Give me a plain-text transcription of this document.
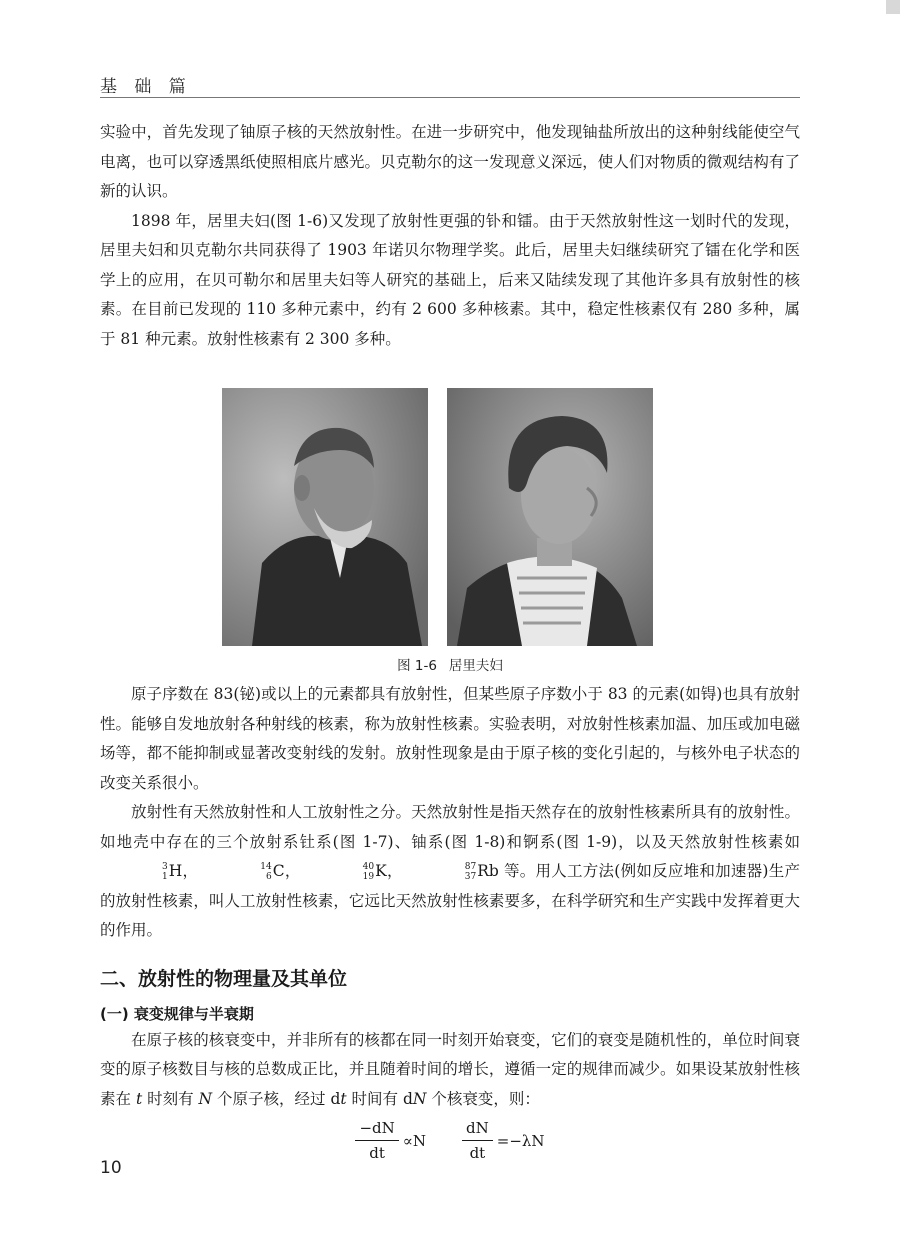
基 础 篇

实验中，首先发现了铀原子核的天然放射性。在进一步研究中，他发现铀盐所放出的这种射线能使空气电离，也可以穿透黑纸使照相底片感光。贝克勒尔的这一发现意义深远，使人们对物质的微观结构有了新的认识。

1898 年，居里夫妇(图 1-6)又发现了放射性更强的钋和镭。由于天然放射性这一划时代的发现，居里夫妇和贝克勒尔共同获得了 1903 年诺贝尔物理学奖。此后，居里夫妇继续研究了镭在化学和医学上的应用，在贝可勒尔和居里夫妇等人研究的基础上，后来又陆续发现了其他许多具有放射性的核素。在目前已发现的 110 多种元素中，约有 2 600 多种核素。其中，稳定性核素仅有 280 多种，属于 81 种元素。放射性核素有 2 300 多种。

图 1-6 居里夫妇

原子序数在 83(铋)或以上的元素都具有放射性，但某些原子序数小于 83 的元素(如锝)也具有放射性。能够自发地放射各种射线的核素，称为放射性核素。实验表明，对放射性核素加温、加压或加电磁场等，都不能抑制或显著改变射线的发射。放射性现象是由于原子核的变化引起的，与核外电子状态的改变关系很小。

放射性有天然放射性和人工放射性之分。天然放射性是指天然存在的放射性核素所具有的放射性。如地壳中存在的三个放射系钍系(图 1-7)、铀系(图 1-8)和锕系(图 1-9)，以及天然放射性核素如
3
1 H，	14
6 C，	40
19 K，	87
37 Rb 等。用人工方法(例如反应堆和加速器)生产的放射性核素，叫人工放射性核素，它远比天然放射性核素要多，在科学研究和生产实践中发挥着更大的作用。

二、放射性的物理量及其单位
(一) 衰变规律与半衰期

在原子核的核衰变中，并非所有的核都在同一时刻开始衰变，它们的衰变是随机性的，单位时间衰变的原子核数目与核的总数成正比，并且随着时间的增长，遵循一定的规律而减少。如果设某放射性核素在 t 时刻有 N 个原子核，经过 dt 时间有 dN 个核衰变，则：

$\frac{-dN}{dt} \propto N \frac{dN}{dt} =-\lambda N$
10
